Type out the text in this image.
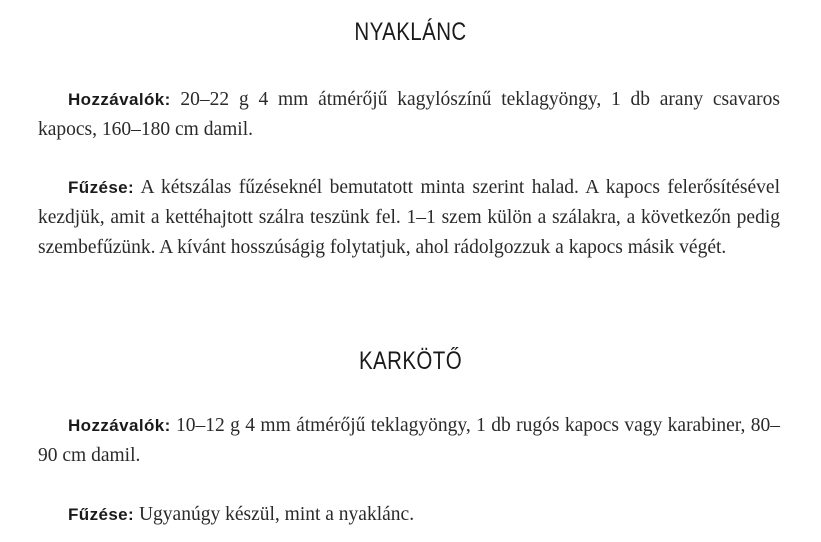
NYAKLÁNC

Hozzávalók: 20–22 g 4 mm átmérőjű kagylószínű teklagyöngy, 1 db arany csavaros kapocs, 160–180 cm damil.

Fűzése: A kétszálas fűzéseknél bemutatott minta szerint halad. A kapocs felerősítésével kezdjük, amit a kettéhajtott szálra teszünk fel. 1–1 szem külön a szálakra, a következőn pedig szembefűzünk. A kívánt hosszúságig folytatjuk, ahol rádolgozzuk a kapocs másik végét.

KARKÖTŐ

Hozzávalók: 10–12 g 4 mm átmérőjű teklagyöngy, 1 db rugós kapocs vagy karabiner, 80–90 cm damil.

Fűzése: Ugyanúgy készül, mint a nyaklánc.
